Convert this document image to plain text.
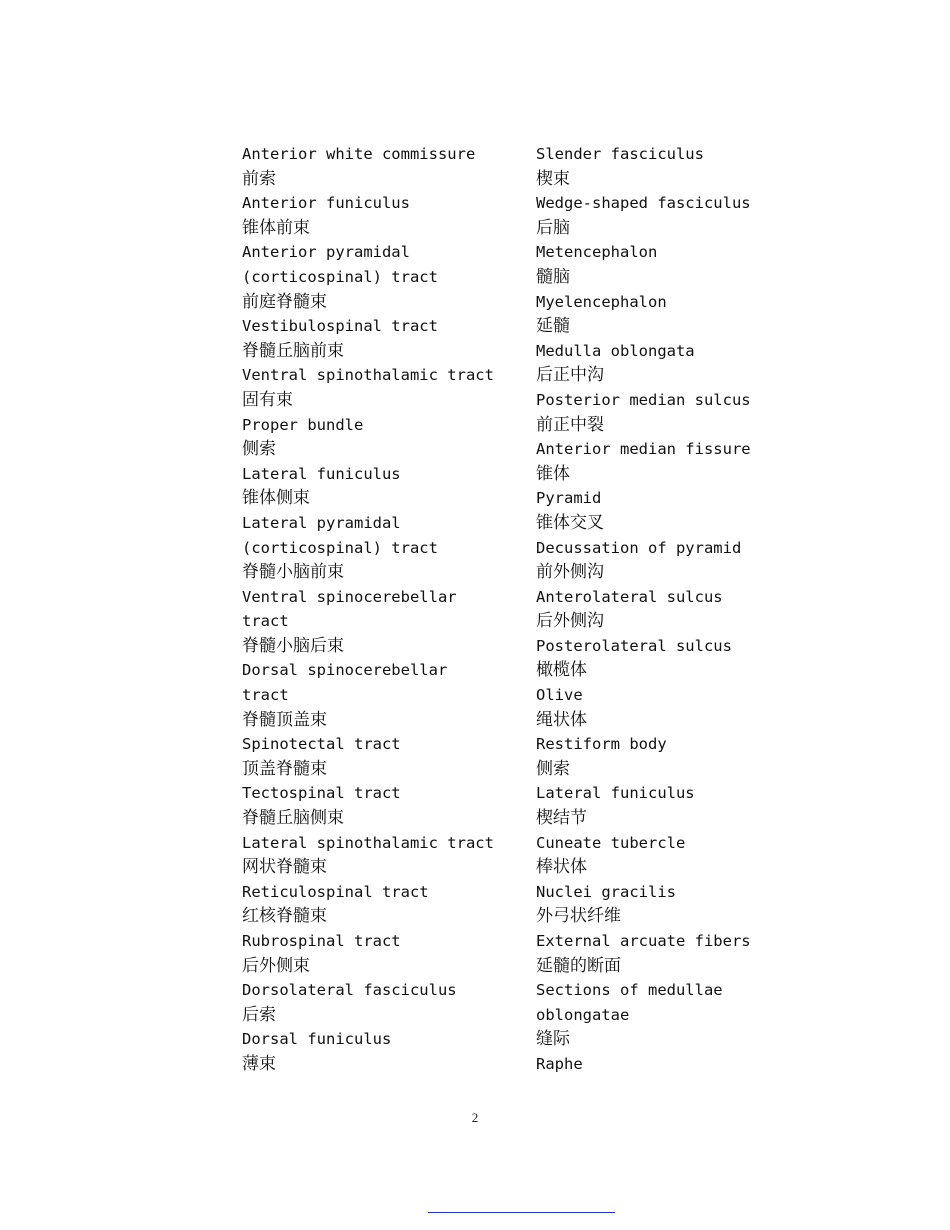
Anterior white commissure
前索
Anterior funiculus
锥体前束
Anterior pyramidal
(corticospinal) tract
前庭脊髓束
Vestibulospinal tract
脊髓丘脑前束
Ventral spinothalamic tract
固有束
Proper bundle
侧索
Lateral funiculus
锥体侧束
Lateral pyramidal
(corticospinal) tract
脊髓小脑前束
Ventral spinocerebellar
tract
脊髓小脑后束
Dorsal spinocerebellar
tract
脊髓顶盖束
Spinotectal tract
顶盖脊髓束
Tectospinal tract
脊髓丘脑侧束
Lateral spinothalamic tract
网状脊髓束
Reticulospinal tract
红核脊髓束
Rubrospinal tract
后外侧束
Dorsolateral fasciculus
后索
Dorsal funiculus
薄束
Slender fasciculus
楔束
Wedge-shaped fasciculus
后脑
Metencephalon
髓脑
Myelencephalon
延髓
Medulla oblongata
后正中沟
Posterior median sulcus
前正中裂
Anterior median fissure
锥体
Pyramid
锥体交叉
Decussation of pyramid
前外侧沟
Anterolateral sulcus
后外侧沟
Posterolateral sulcus
橄榄体
Olive
绳状体
Restiform body
侧索
Lateral funiculus
楔结节
Cuneate tubercle
棒状体
Nuclei gracilis
外弓状纤维
External arcuate fibers
延髓的断面
Sections of medullae
oblongatae
缝际
Raphe
2
